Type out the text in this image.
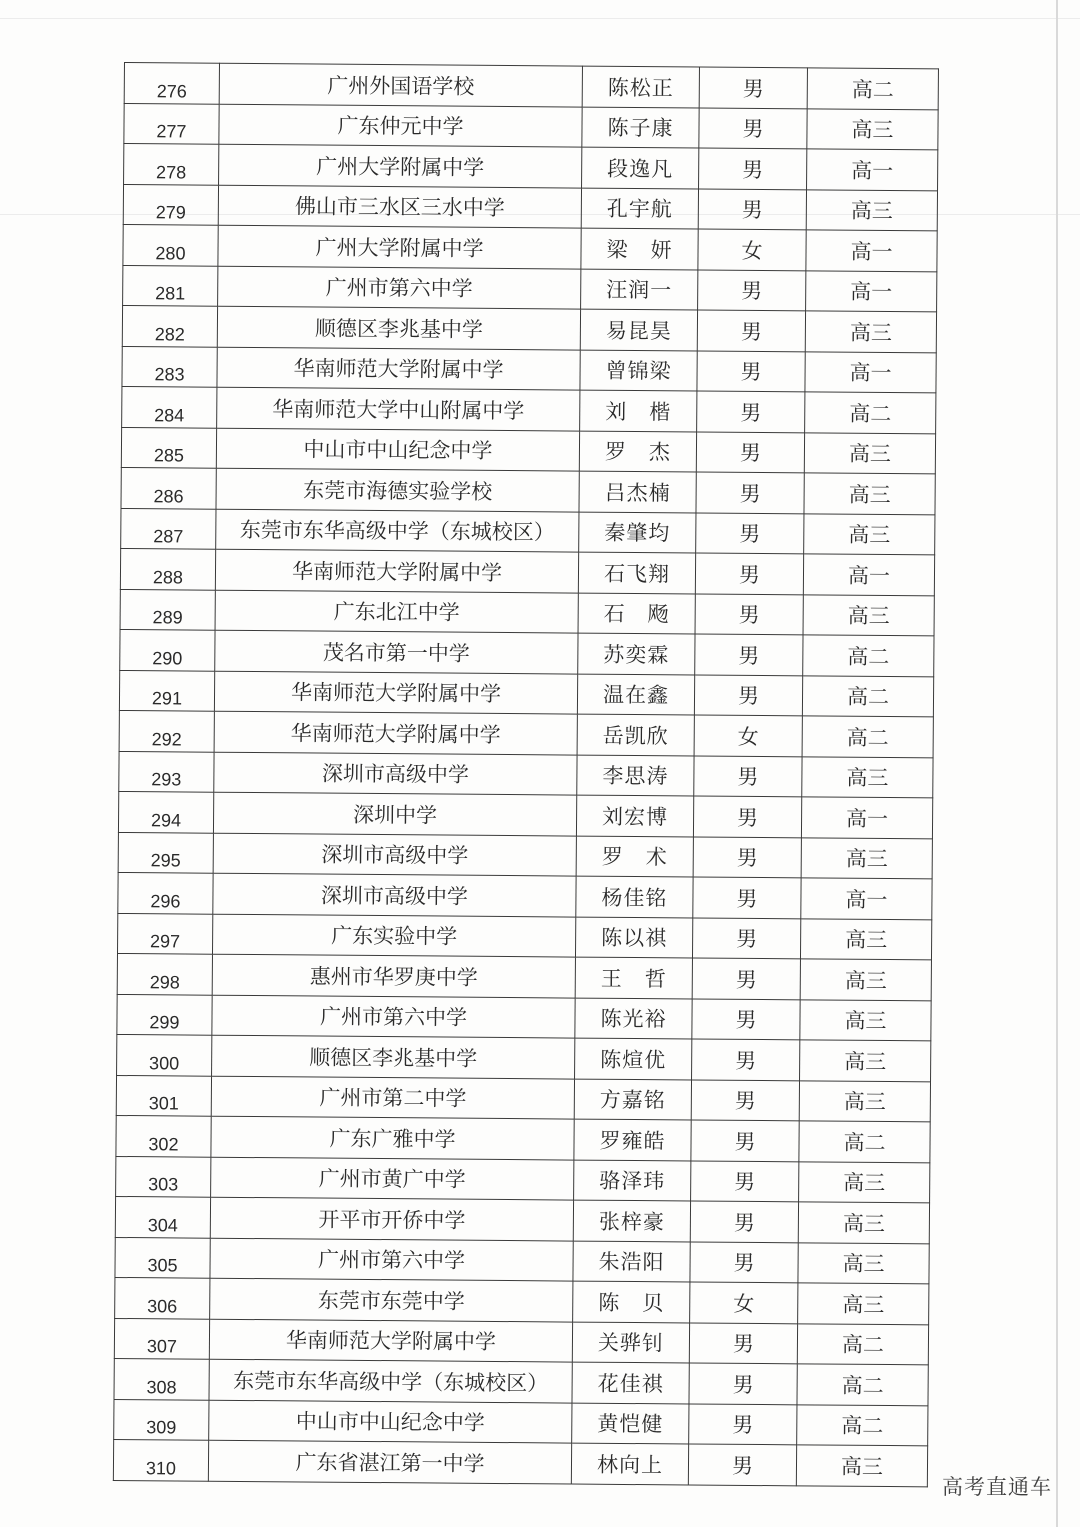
276	广州外国语学校	陈松正	男	高二
277	广东仲元中学	陈子康	男	高三
278	广州大学附属中学	段逸凡	男	高一
279	佛山市三水区三水中学	孔宇航	男	高三
280	广州大学附属中学	梁　妍	女	高一
281	广州市第六中学	汪润一	男	高一
282	顺德区李兆基中学	易昆昊	男	高三
283	华南师范大学附属中学	曾锦梁	男	高一
284	华南师范大学中山附属中学	刘　楷	男	高二
285	中山市中山纪念中学	罗　杰	男	高三
286	东莞市海德实验学校	吕杰楠	男	高三
287	东莞市东华高级中学（东城校区）	秦肇均	男	高三
288	华南师范大学附属中学	石飞翔	男	高一
289	广东北江中学	石　飏	男	高三
290	茂名市第一中学	苏奕霖	男	高二
291	华南师范大学附属中学	温在鑫	男	高二
292	华南师范大学附属中学	岳凯欣	女	高二
293	深圳市高级中学	李思涛	男	高三
294	深圳中学	刘宏博	男	高一
295	深圳市高级中学	罗　术	男	高三
296	深圳市高级中学	杨佳铭	男	高一
297	广东实验中学	陈以祺	男	高三
298	惠州市华罗庚中学	王　哲	男	高三
299	广州市第六中学	陈光裕	男	高三
300	顺德区李兆基中学	陈煊优	男	高三
301	广州市第二中学	方嘉铭	男	高三
302	广东广雅中学	罗雍皓	男	高二
303	广州市黄广中学	骆泽玮	男	高三
304	开平市开侨中学	张梓豪	男	高三
305	广州市第六中学	朱浩阳	男	高三
306	东莞市东莞中学	陈　贝	女	高三
307	华南师范大学附属中学	关骅钊	男	高二
308	东莞市东华高级中学（东城校区）	花佳祺	男	高二
309	中山市中山纪念中学	黄恺健	男	高二
310	广东省湛江第一中学	林向上	男	高三
高考直通车
